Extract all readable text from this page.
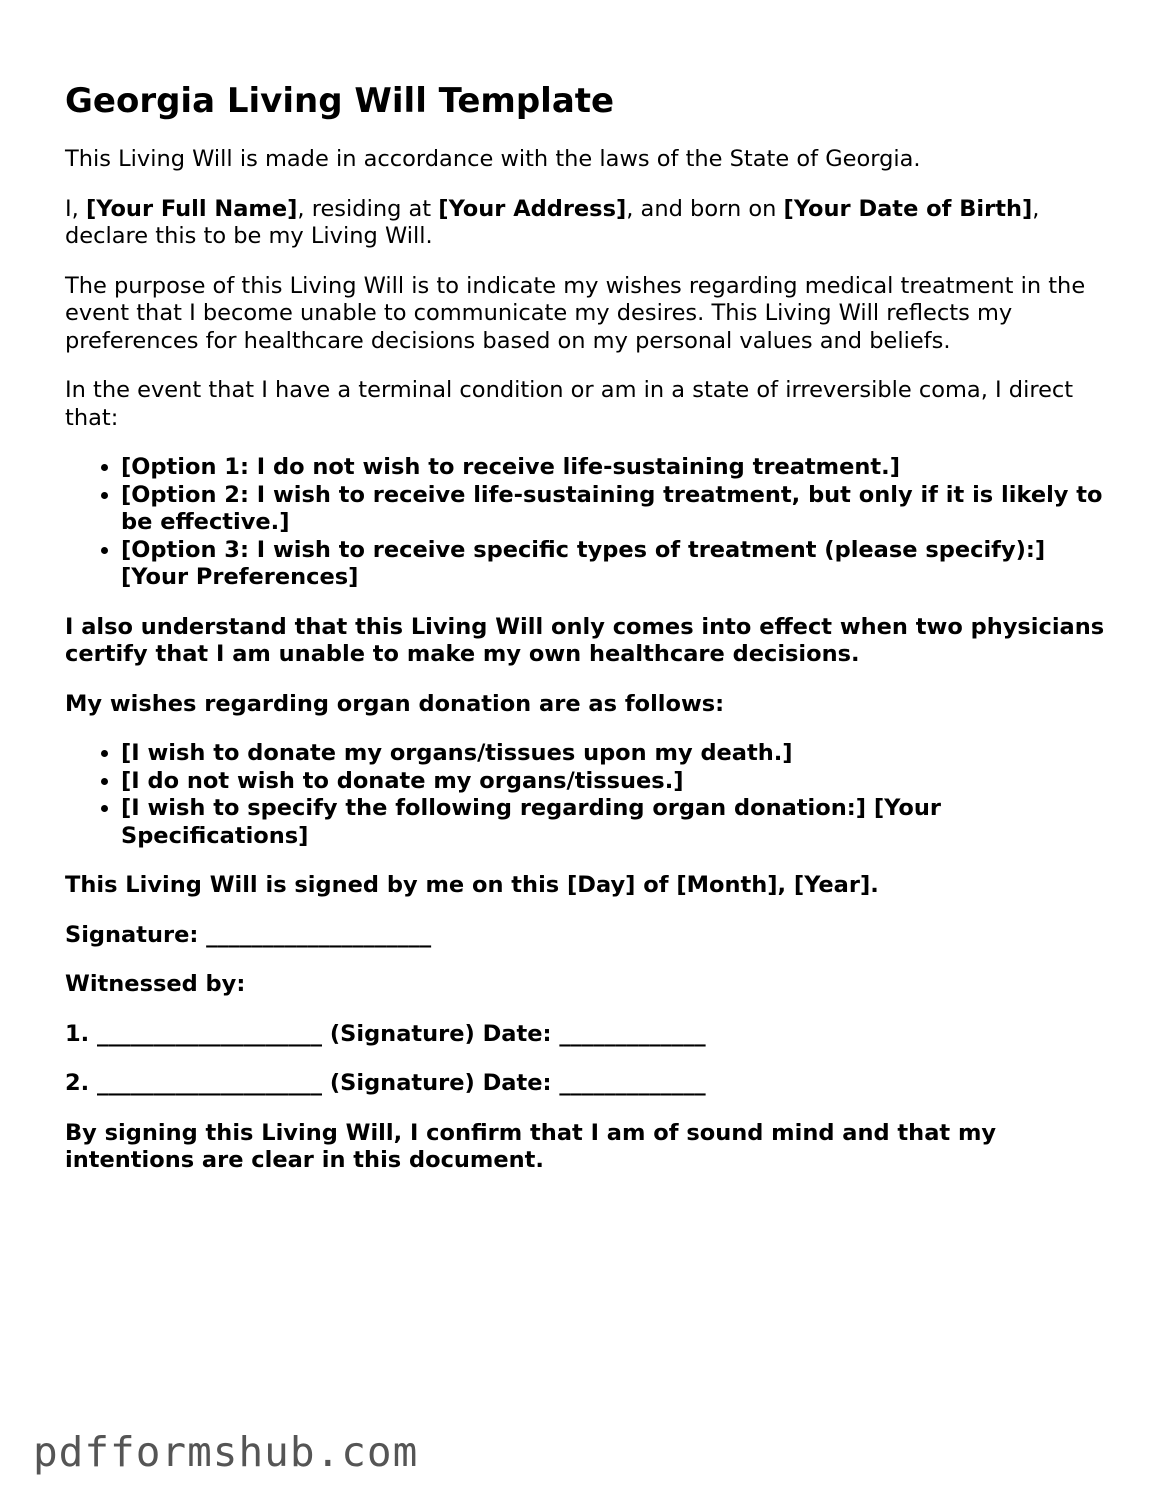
Georgia Living Will Template

This Living Will is made in accordance with the laws of the State of Georgia.

I, [Your Full Name], residing at [Your Address], and born on [Your Date of Birth], declare this to be my Living Will.

The purpose of this Living Will is to indicate my wishes regarding medical treatment in the event that I become unable to communicate my desires. This Living Will reflects my preferences for healthcare decisions based on my personal values and beliefs.

In the event that I have a terminal condition or am in a state of irreversible coma, I direct that:

• [Option 1: I do not wish to receive life-sustaining treatment.]
• [Option 2: I wish to receive life-sustaining treatment, but only if it is likely to be effective.]
• [Option 3: I wish to receive specific types of treatment (please specify):] [Your Preferences]

I also understand that this Living Will only comes into effect when two physicians certify that I am unable to make my own healthcare decisions.

My wishes regarding organ donation are as follows:

• [I wish to donate my organs/tissues upon my death.]
• [I do not wish to donate my organs/tissues.]
• [I wish to specify the following regarding organ donation:] [Your Specifications]

This Living Will is signed by me on this [Day] of [Month], [Year].

Signature: ____________________

Witnessed by:

1. ____________________ (Signature) Date: _____________

2. ____________________ (Signature) Date: _____________

By signing this Living Will, I confirm that I am of sound mind and that my intentions are clear in this document.

pdfformshub.com
